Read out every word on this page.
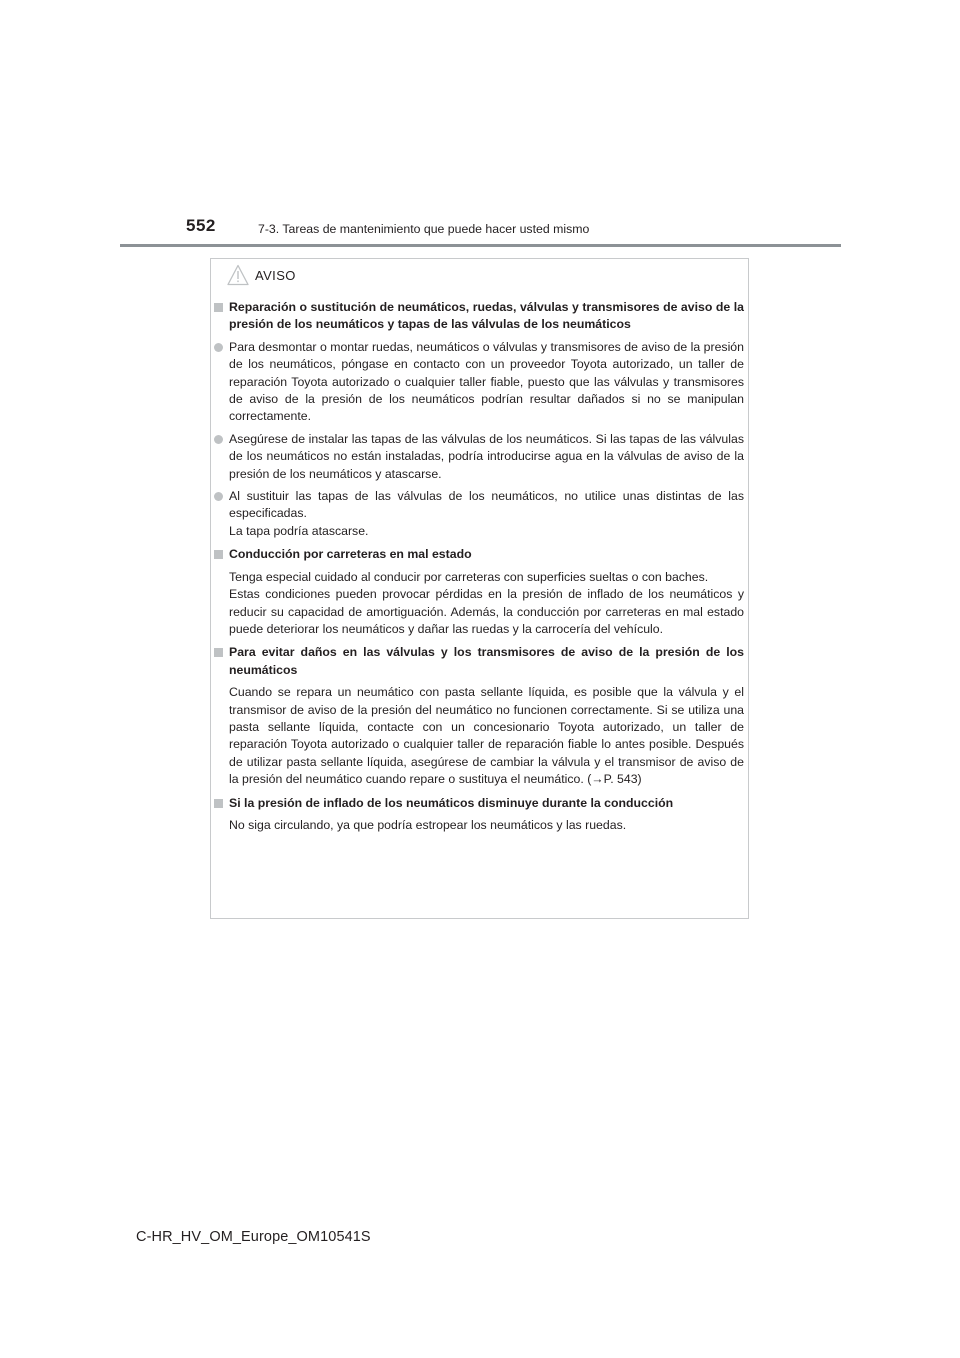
552	7-3. Tareas de mantenimiento que puede hacer usted mismo
AVISO
Reparación o sustitución de neumáticos, ruedas, válvulas y transmisores de aviso de la presión de los neumáticos y tapas de las válvulas de los neumáticos
Para desmontar o montar ruedas, neumáticos o válvulas y transmisores de aviso de la presión de los neumáticos, póngase en contacto con un proveedor Toyota autorizado, un taller de reparación Toyota autorizado o cualquier taller fiable, puesto que las válvulas y transmisores de aviso de la presión de los neumáticos podrían resultar dañados si no se manipulan correctamente.
Asegúrese de instalar las tapas de las válvulas de los neumáticos. Si las tapas de las válvulas de los neumáticos no están instaladas, podría introducirse agua en la válvulas de aviso de la presión de los neumáticos y atascarse.
Al sustituir las tapas de las válvulas de los neumáticos, no utilice unas distintas de las especificadas.
La tapa podría atascarse.
Conducción por carreteras en mal estado
Tenga especial cuidado al conducir por carreteras con superficies sueltas o con baches.
Estas condiciones pueden provocar pérdidas en la presión de inflado de los neumáticos y reducir su capacidad de amortiguación. Además, la conducción por carreteras en mal estado puede deteriorar los neumáticos y dañar las ruedas y la carrocería del vehículo.
Para evitar daños en las válvulas y los transmisores de aviso de la presión de los neumáticos
Cuando se repara un neumático con pasta sellante líquida, es posible que la válvula y el transmisor de aviso de la presión del neumático no funcionen correctamente. Si se utiliza una pasta sellante líquida, contacte con un concesionario Toyota autorizado, un taller de reparación Toyota autorizado o cualquier taller de reparación fiable lo antes posible. Después de utilizar pasta sellante líquida, asegúrese de cambiar la válvula y el transmisor de aviso de la presión del neumático cuando repare o sustituya el neumático. (→P. 543)
Si la presión de inflado de los neumáticos disminuye durante la conducción
No siga circulando, ya que podría estropear los neumáticos y las ruedas.
C-HR_HV_OM_Europe_OM10541S
